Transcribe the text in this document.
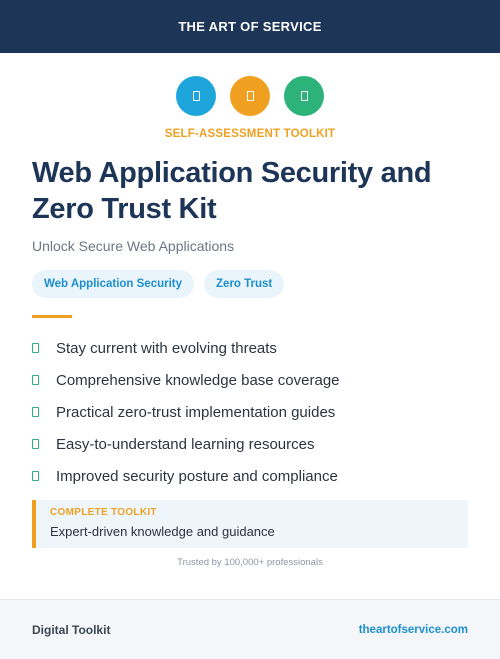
THE ART OF SERVICE
SELF-ASSESSMENT TOOLKIT
Web Application Security and Zero Trust Kit
Unlock Secure Web Applications
Web Application Security	Zero Trust
Stay current with evolving threats
Comprehensive knowledge base coverage
Practical zero-trust implementation guides
Easy-to-understand learning resources
Improved security posture and compliance
COMPLETE TOOLKIT
Expert-driven knowledge and guidance
Trusted by 100,000+ professionals
Digital Toolkit	theartofservice.com
